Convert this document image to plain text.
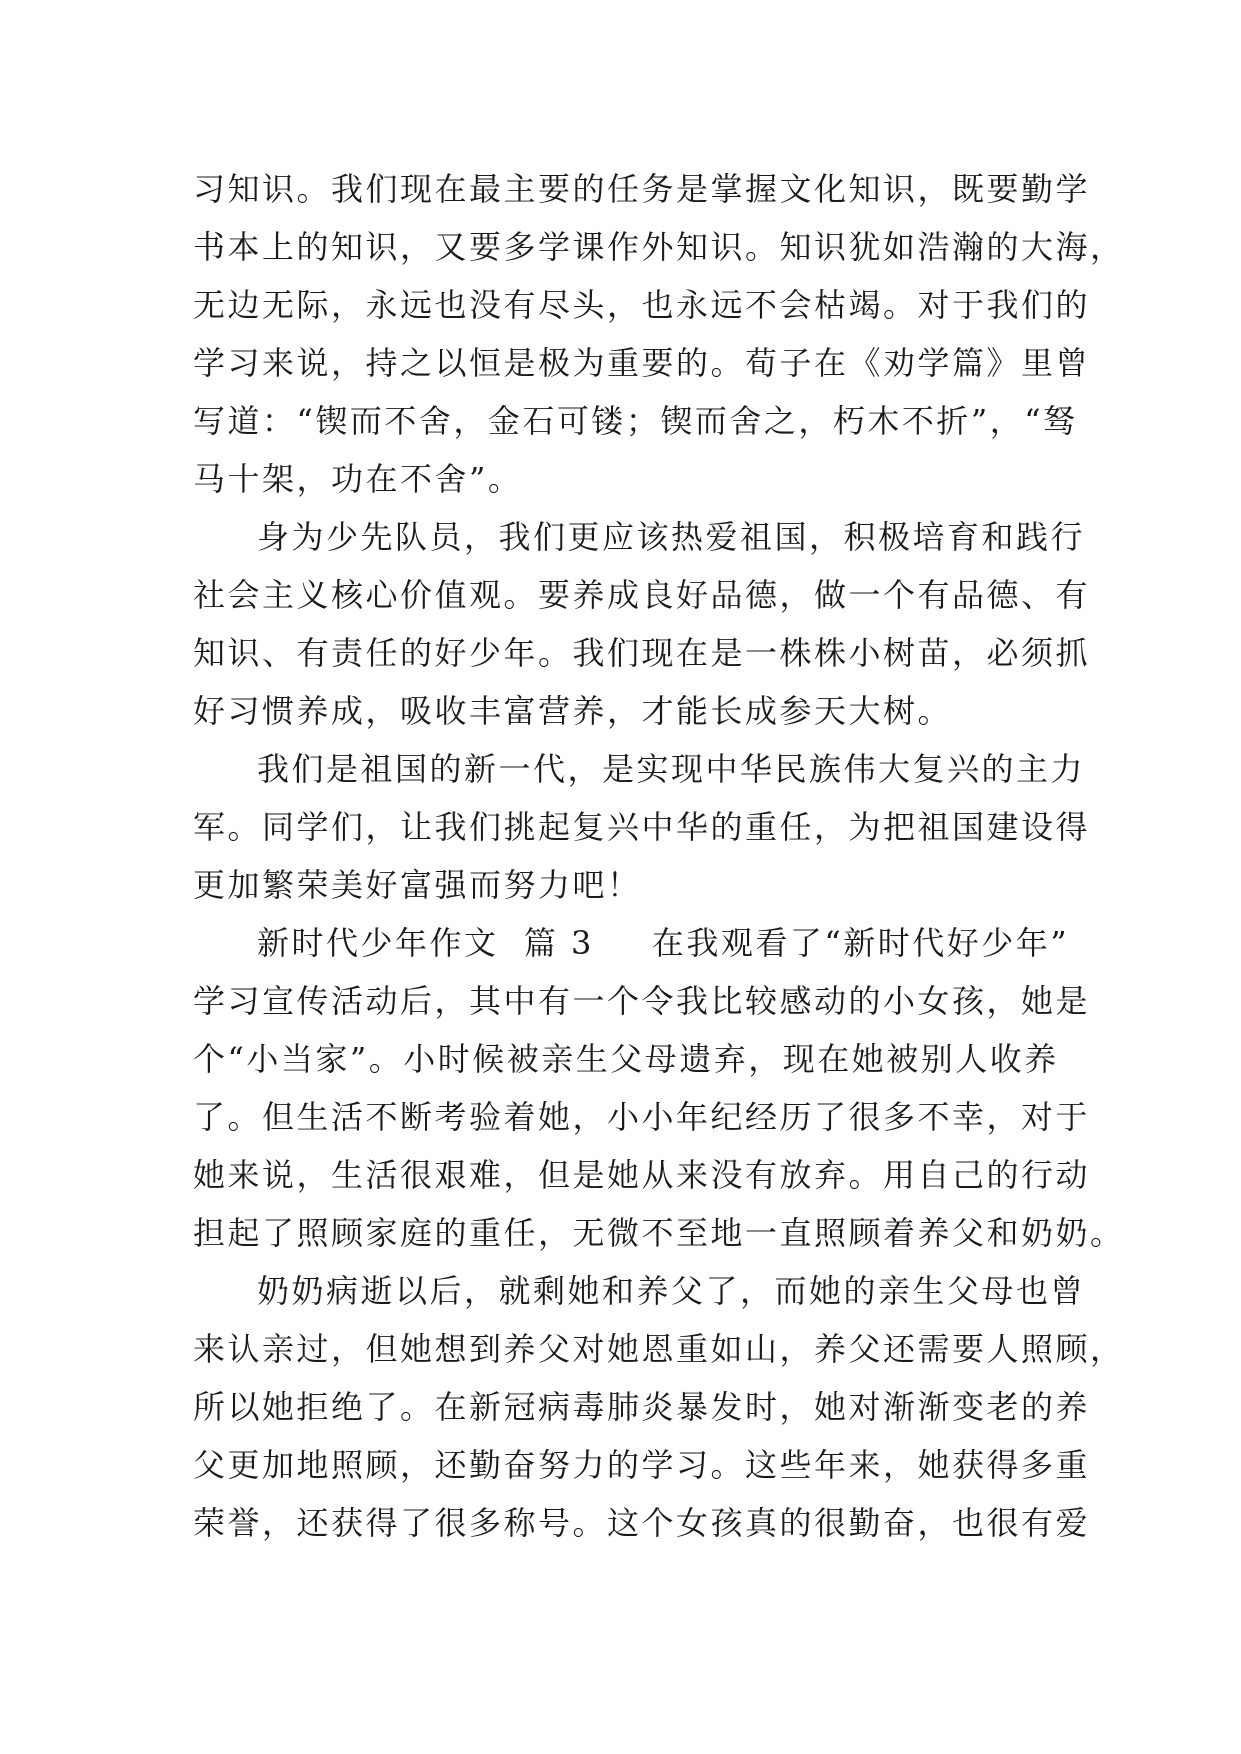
习知识。我们现在最主要的任务是掌握文化知识，既要勤学
书本上的知识，又要多学课作外知识。知识犹如浩瀚的大海，
无边无际，永远也没有尽头，也永远不会枯竭。对于我们的
学习来说，持之以恒是极为重要的。荀子在《劝学篇》里曾
写道：“锲而不舍，金石可镂；锲而舍之，朽木不折”，“驽
马十架，功在不舍”。
身为少先队员，我们更应该热爱祖国，积极培育和践行
社会主义核心价值观。要养成良好品德，做一个有品德、有
知识、有责任的好少年。我们现在是一株株小树苗，必须抓
好习惯养成，吸收丰富营养，才能长成参天大树。
我们是祖国的新一代，是实现中华民族伟大复兴的主力
军。同学们，让我们挑起复兴中华的重任，为把祖国建设得
更加繁荣美好富强而努力吧！
新时代少年作文  篇 3 在我观看了“新时代好少年”
学习宣传活动后，其中有一个令我比较感动的小女孩，她是
个“小当家”。小时候被亲生父母遗弃，现在她被别人收养
了。但生活不断考验着她，小小年纪经历了很多不幸，对于
她来说，生活很艰难，但是她从来没有放弃。用自己的行动
担起了照顾家庭的重任，无微不至地一直照顾着养父和奶奶。
奶奶病逝以后，就剩她和养父了，而她的亲生父母也曾
来认亲过，但她想到养父对她恩重如山，养父还需要人照顾，
所以她拒绝了。在新冠病毒肺炎暴发时，她对渐渐变老的养
父更加地照顾，还勤奋努力的学习。这些年来，她获得多重
荣誉，还获得了很多称号。这个女孩真的很勤奋，也很有爱
